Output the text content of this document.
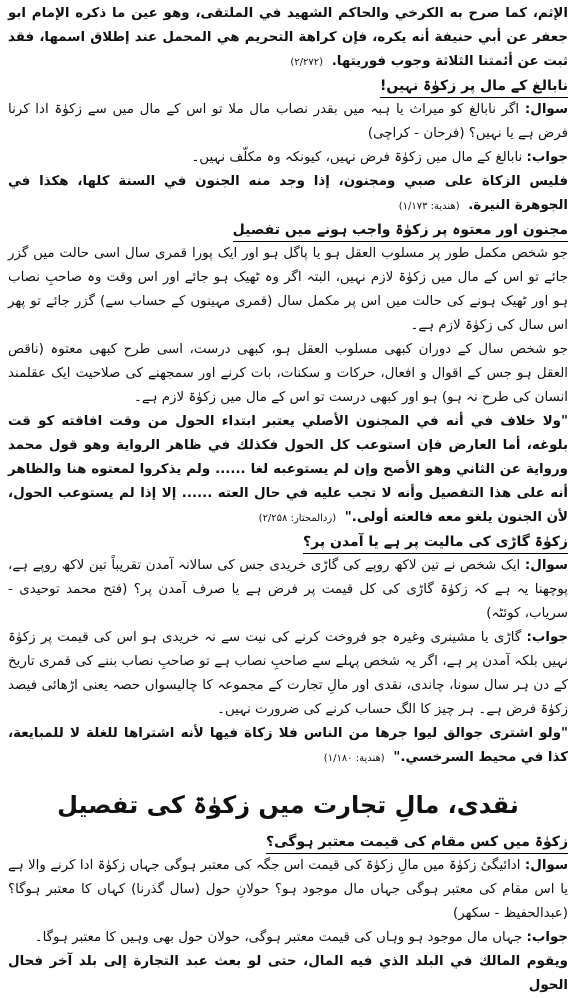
الإثم، كما صرح به الكرخي والحاكم الشهيد في الملتقى، وهو عين ما ذكره الإمام ابو جعفر عن أبي حنيفة أنه يكره، فإن كراهة التحريم هي المحمل عند إطلاق اسمها، فقد ثبت عن أئمتنا الثلاثة وجوب فوريتها. (۲/۲۷۲)

نابالغ کے مال پر زکوٰۃ نہیں!

سوال: اگر نابالغ کو میراث یا ہبہ میں بقدر نصاب مال ملا تو اس کے مال میں سے زکوٰۃ ادا کرنا فرض ہے یا نہیں؟ (فرحان - کراچی)

جواب: نابالغ کے مال میں زکوٰۃ فرض نہیں، کیونکہ وہ مکلّف نہیں۔

فليس الزكاة على صبي ومجنون، إذا وجد منه الجنون في السنة كلها، هكذا في الجوهرة النيرة. (هندية: ۱/۱۷۳)

مجنون اور معتوہ پر زکوٰۃ واجب ہونے میں تفصیل

جو شخص مکمل طور پر مسلوب العقل ہو یا پاگل ہو اور ایک پورا قمری سال اسی حالت میں گزر جائے تو اس کے مال میں زکوٰۃ لازم نہیں، البتہ اگر وہ ٹھیک ہو جائے اور اس وقت وہ صاحبِ نصاب ہو اور ٹھیک ہونے کی حالت میں اس پر مکمل سال (قمری مہینوں کے حساب سے) گزر جائے تو پھر اس سال کی زکوٰۃ لازم ہے۔

جو شخص سال کے دوران کبھی مسلوب العقل ہو، کبھی درست، اسی طرح کبھی معتوہ (ناقص العقل ہو جس کے اقوال و افعال، حرکات و سکنات، بات کرنے اور سمجھنے کی صلاحیت ایک عقلمند انسان کی طرح نہ ہو) ہو اور کبھی درست تو اس کے مال میں زکوٰۃ لازم ہے۔

"ولا خلاف في أنه في المجنون الأصلي يعتبر ابتداء الحول من وقت افاقته كو قت بلوغه، أما العارض فإن استوعب كل الحول فكذلك في ظاهر الرواية وهو قول محمد ورواية عن الثاني وهو الأصح وإن لم يستوعبه لغا ...... ولم يذكروا لمعتوه هنا والظاهر أنه على هذا التفصيل وأنه لا تجب عليه في حال العته ...... إلا إذا لم يستوعب الحول، لأن الجنون يلغو معه فالعته أولى." (ردالمحتار: ۲/۲۵۸)

زکوٰۃ گاڑی کی مالیت پر ہے یا آمدن پر؟

سوال: ایک شخص نے تین لاکھ روپے کی گاڑی خریدی جس کی سالانہ آمدن تقریباً تین لاکھ روپے ہے، پوچھنا یہ ہے کہ زکوٰۃ گاڑی کی کل قیمت پر فرض ہے یا صرف آمدن پر؟ (فتح محمد توحیدی - سریاب، کوئٹہ)

جواب: گاڑی یا مشینری وغیرہ جو فروخت کرنے کی نیت سے نہ خریدی ہو اس کی قیمت پر زکوٰۃ نہیں بلکہ آمدن پر ہے، اگر یہ شخص پہلے سے صاحبِ نصاب ہے تو صاحبِ نصاب بننے کی قمری تاریخ کے دن ہر سال سونا، چاندی، نقدی اور مالِ تجارت کے مجموعہ کا چالیسواں حصہ یعنی اڑھائی فیصد زکوٰۃ فرض ہے۔ ہر چیز کا الگ حساب کرنے کی ضرورت نہیں۔

"ولو اشترى جوالق ليوا جرها من الناس فلا زكاة فيها لأنه اشتراها للغلة لا للمبايعة، كذا في محيط السرخسي." (هندية: ۱/۱۸۰)

نقدی، مالِ تجارت میں زکوٰۃ کی تفصیل
زکوٰۃ میں کس مقام کی قیمت معتبر ہوگی؟

سوال: ادائیگیٔ زکوٰۃ میں مالِ زکوٰۃ کی قیمت اس جگہ کی معتبر ہوگی جہاں زکوٰۃ ادا کرنے والا ہے یا اس مقام کی معتبر ہوگی جہاں مال موجود ہو؟ حولانِ حول (سال گذرنا) کہاں کا معتبر ہوگا؟ (عبدالحفیظ - سکھر)

جواب: جہاں مال موجود ہو وہاں کی قیمت معتبر ہوگی، حولان حول بھی وہیں کا معتبر ہوگا۔

ويقوم المالك في البلد الذي فيه المال، حتى لو بعث عبد التجارة إلى بلد آخر فحال الحول
